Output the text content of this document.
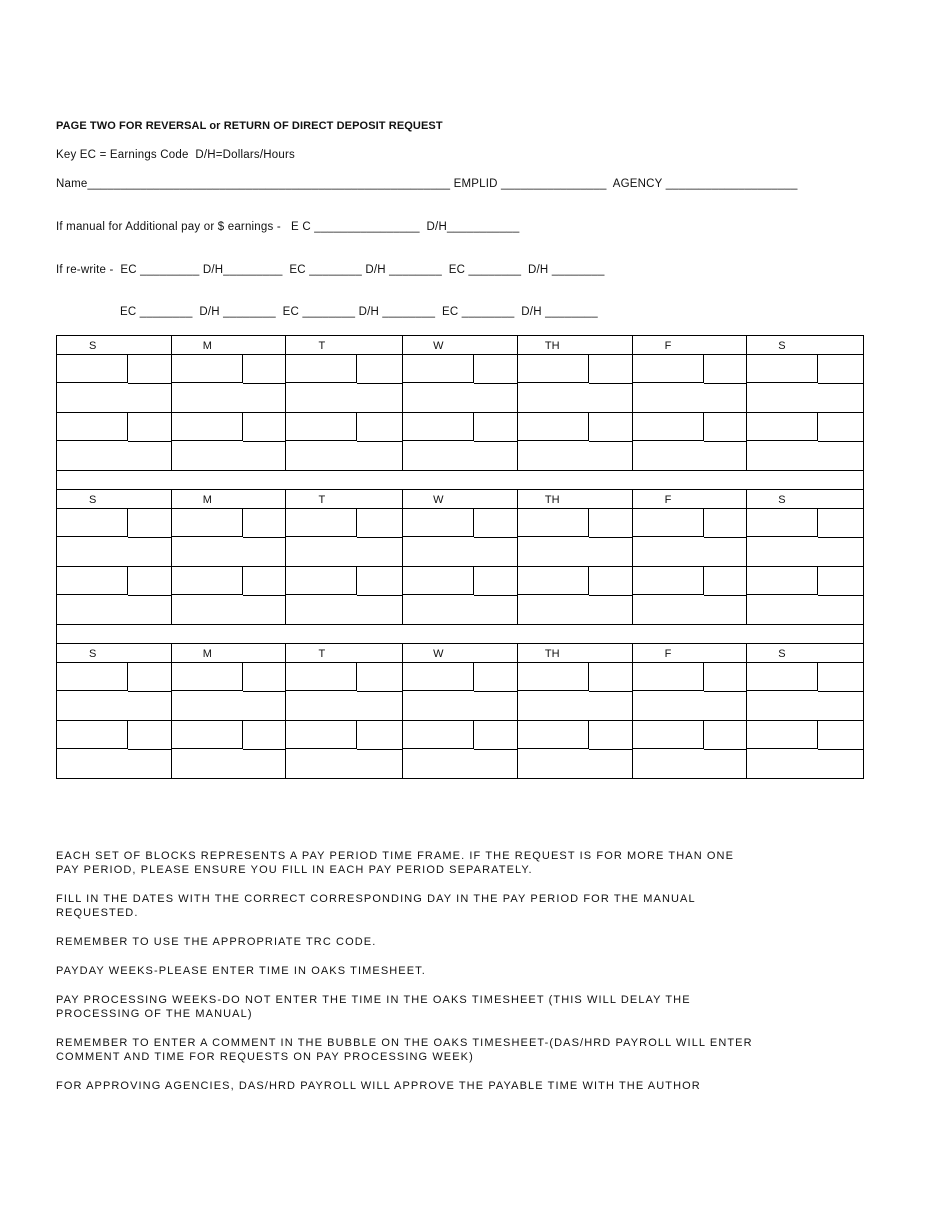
PAGE TWO FOR REVERSAL or RETURN OF DIRECT DEPOSIT REQUEST
Key EC = Earnings Code  D/H=Dollars/Hours
Name_______________________________________________________ EMPLID ________________  AGENCY ____________________
If manual for Additional pay or $ earnings -   E C ________________  D/H___________
If re-write -  EC _________ D/H_________  EC ________ D/H ________  EC ________  D/H ________
EC ________  D/H ________  EC ________ D/H ________  EC ________  D/H ________
S	M	T	W	TH	F	S
S	M	T	W	TH	F	S
S	M	T	W	TH	F	S

EACH SET OF BLOCKS REPRESENTS A PAY PERIOD TIME FRAME. IF THE REQUEST IS FOR MORE THAN ONE PAY PERIOD, PLEASE ENSURE YOU FILL IN EACH PAY PERIOD SEPARATELY.

FILL IN THE DATES WITH THE CORRECT CORRESPONDING DAY IN THE PAY PERIOD FOR THE MANUAL REQUESTED.

REMEMBER TO USE THE APPROPRIATE TRC CODE.

PAYDAY WEEKS-PLEASE ENTER TIME IN OAKS TIMESHEET.

PAY PROCESSING WEEKS-DO NOT ENTER THE TIME IN THE OAKS TIMESHEET (THIS WILL DELAY THE PROCESSING OF THE MANUAL)

REMEMBER TO ENTER A COMMENT IN THE BUBBLE ON THE OAKS TIMESHEET-(DAS/HRD PAYROLL WILL ENTER COMMENT AND TIME FOR REQUESTS ON PAY PROCESSING WEEK)

FOR APPROVING AGENCIES, DAS/HRD PAYROLL WILL APPROVE THE PAYABLE TIME WITH THE AUTHOR
